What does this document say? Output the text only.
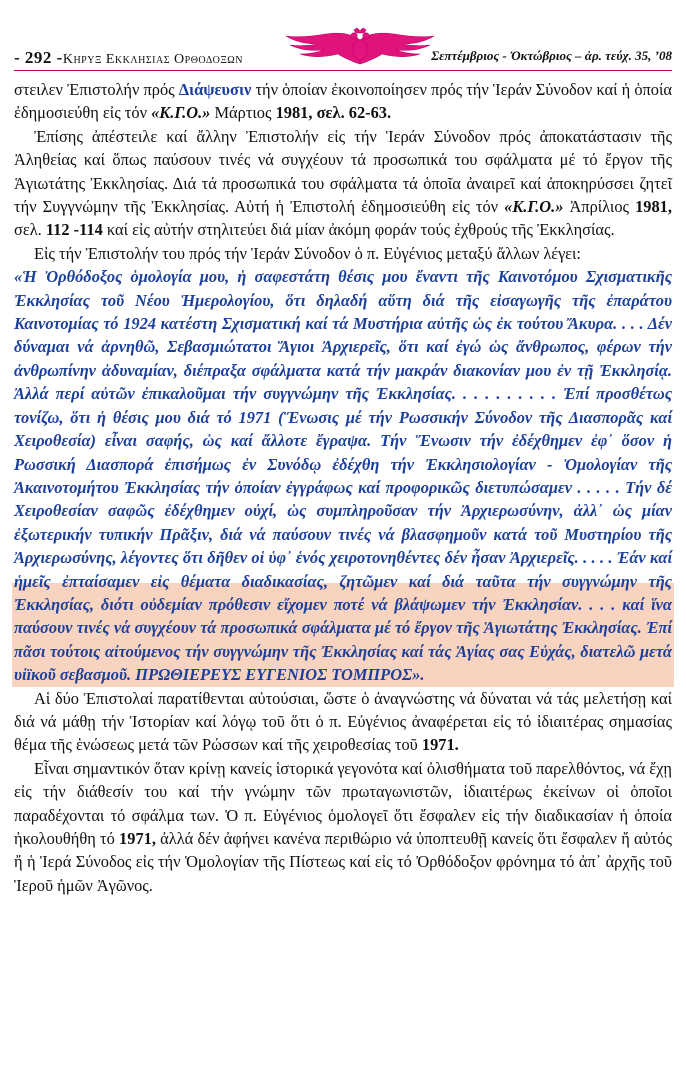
- 292 -Κηρυξ Εκκλησιας Ορθοδοξων	Σεπτέμβριος - Ὀκτώβριος – ἀρ. τεύχ. 35, ’08

στειλεν Ἐπιστολήν πρός Διάψευσιν τήν ὁποίαν ἐκοινοποίησεν πρός τήν Ἱεράν Σύνοδον καί ἡ ὁποία ἐδημοσιεύθη εἰς τόν «Κ.Γ.Ο.» Μάρτιος 1981, σελ. 62-63.

Ἐπίσης ἀπέστειλε καί ἄλλην Ἐπιστολήν εἰς τήν Ἱεράν Σύνοδον πρός ἀποκατάστασιν τῆς Ἀληθείας καί ὅπως παύσουν τινές νά συγχέουν τά προσωπικά του σφάλματα μέ τό ἔργον τῆς Ἁγιωτάτης Ἐκκλησίας. Διά τά προσωπικά του σφάλματα τά ὁποῖα ἀναιρεῖ καί ἀποκηρύσσει ζητεῖ τήν Συγγνώμην τῆς Ἐκκλησίας. Αὐτή ἡ Ἐπιστολή ἐδημοσιεύθη εἰς τόν «Κ.Γ.Ο.» Ἀπρίλιος 1981, σελ. 112 -114 καί εἰς αὐτήν στηλιτεύει διά μίαν ἀκόμη φοράν τούς ἐχθρούς τῆς Ἐκκλησίας.

Εἰς τήν Ἐπιστολήν του πρός τήν Ἱεράν Σύνοδον ὁ π. Εὐγένιος μεταξύ ἄλλων λέγει:

«Ἡ Ὀρθόδοξος ὁμολογία μου, ἡ σαφεστάτη θέσις μου ἔναντι τῆς Καινοτόμου Σχισματικῆς Ἐκκλησίας τοῦ Νέου Ἡμερολογίου, ὅτι δηλαδή αὕτη διά τῆς εἰσαγωγῆς τῆς ἐπαράτου Καινοτομίας τό 1924 κατέστη Σχισματική καί τά Μυστήρια αὐτῆς ὡς ἐκ τούτου Ἄκυρα. . . . Δέν δύναμαι νά ἀρνηθῶ, Σεβασμιώτατοι Ἅγιοι Ἀρχιερεῖς, ὅτι καί ἐγώ ὡς ἄνθρωπος, φέρων τήν ἀνθρωπίνην ἀδυναμίαν, διέπραξα σφάλματα κατά τήν μακράν διακονίαν μου ἐν τῇ Ἐκκλησίᾳ. Ἀλλά περί αὐτῶν ἐπικαλοῦμαι τήν συγγνώμην τῆς Ἐκκλησίας. . . . . . . . . . Ἐπί προσθέτως τονίζω, ὅτι ἡ θέσις μου διά τό 1971 (Ἕνωσις μέ τήν Ρωσσικήν Σύνοδον τῆς Διασπορᾶς καί Χειροθεσία) εἶναι σαφής, ὡς καί ἄλλοτε ἔγραψα. Τήν Ἕνωσιν τήν ἐδέχθημεν ἐφ᾿ ὅσον ἡ Ρωσσική Διασπορά ἐπισήμως ἐν Συνόδῳ ἐδέχθη τήν Ἐκκλησιολογίαν - Ὁμολογίαν τῆς Ἀκαινοτομήτου Ἐκκλησίας τήν ὁποίαν ἐγγράφως καί προφορικῶς διετυπώσαμεν . . . . . Τήν δέ Χειροθεσίαν σαφῶς ἐδέχθημεν οὐχί, ὡς συμπληροῦσαν τήν Ἀρχιερωσύνην, ἀλλ᾿ ὡς μίαν ἐξωτερικήν τυπικήν Πρᾶξιν, διά νά παύσουν τινές νά βλασφημοῦν κατά τοῦ Μυστηρίου τῆς Ἀρχιερωσύνης, λέγοντες ὅτι δῆθεν οἱ ὑφ᾿ ἑνός χειροτονηθέντες δέν ἦσαν Ἀρχιερεῖς. . . . . Ἐάν καί ἡμεῖς ἐπταίσαμεν εἰς θέματα διαδικασίας, ζητῶμεν καί διά ταῦτα τήν συγγνώμην τῆς Ἐκκλησίας, διότι οὐδεμίαν πρόθεσιν εἴχομεν ποτέ νά βλάψωμεν τήν Ἐκκλησίαν. . . . καί ἵνα παύσουν τινές νά συγχέουν τά προσωπικά σφάλματα μέ τό ἔργον τῆς Ἁγιωτάτης Ἐκκλησίας. Ἐπί πᾶσι τούτοις αἰτούμενος τήν συγγνώμην τῆς Ἐκκλησίας καί τάς Ἁγίας σας Εὐχάς, διατελῶ μετά υἱϊκοῦ σεβασμοῦ. ΠΡΩΘΙΕΡΕΥΣ ΕΥΓΕΝΙΟΣ ΤΟΜΠΡΟΣ».

Αἱ δύο Ἐπιστολαί παρατίθενται αὐτούσιαι, ὥστε ὁ ἀναγνώστης νά δύναται νά τάς μελετήσῃ καί διά νά μάθῃ τήν Ἱστορίαν καί λόγῳ τοῦ ὅτι ὁ π. Εὐγένιος ἀναφέρεται εἰς τό ἰδιαιτέρας σημασίας θέμα τῆς ἑνώσεως μετά τῶν Ρώσσων καί τῆς χειροθεσίας τοῦ 1971.

Εἶναι σημαντικόν ὅταν κρίνῃ κανείς ἱστορικά γεγονότα καί ὀλισθήματα τοῦ παρελθόντος, νά ἔχῃ εἰς τήν διάθεσίν του καί τήν γνώμην τῶν πρωταγωνιστῶν, ἰδιαιτέρως ἐκείνων οἱ ὁποῖοι παραδέχονται τό σφάλμα των. Ὁ π. Εὐγένιος ὁμολογεῖ ὅτι ἔσφαλεν εἰς τήν διαδικασίαν ἡ ὁποία ἠκολουθήθη τό 1971, ἀλλά δέν ἀφήνει κανένα περιθώριο νά ὑποπτευθῇ κανείς ὅτι ἔσφαλεν ἤ αὐτός ἤ ἡ Ἱερά Σύνοδος εἰς τήν Ὁμολογίαν τῆς Πίστεως καί εἰς τό Ὀρθόδοξον φρόνημα τό ἀπ᾿ ἀρχῆς τοῦ Ἱεροῦ ἡμῶν Ἀγῶνος.
